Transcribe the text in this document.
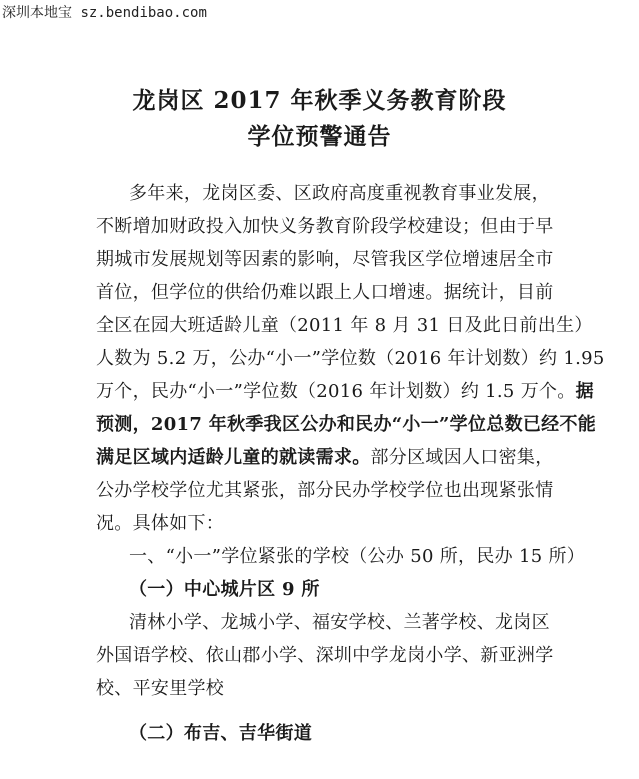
深圳本地宝 sz.bendibao.com
龙岗区 2017 年秋季义务教育阶段
学位预警通告
多年来，龙岗区委、区政府高度重视教育事业发展，
不断增加财政投入加快义务教育阶段学校建设；但由于早
期城市发展规划等因素的影响，尽管我区学位增速居全市
首位，但学位的供给仍难以跟上人口增速。据统计，目前
全区在园大班适龄儿童（2011 年 8 月 31 日及此日前出生）
人数为 5.2 万，公办“小一”学位数（2016 年计划数）约 1.95
万个，民办“小一”学位数（2016 年计划数）约 1.5 万个。据
预测，2017 年秋季我区公办和民办“小一”学位总数已经不能
满足区域内适龄儿童的就读需求。部分区域因人口密集，
公办学校学位尤其紧张，部分民办学校学位也出现紧张情
况。具体如下：
一、“小一”学位紧张的学校（公办 50 所，民办 15 所）
（一）中心城片区 9 所
清林小学、龙城小学、福安学校、兰著学校、龙岗区
外国语学校、依山郡小学、深圳中学龙岗小学、新亚洲学
校、平安里学校
（二）布吉、吉华街道
